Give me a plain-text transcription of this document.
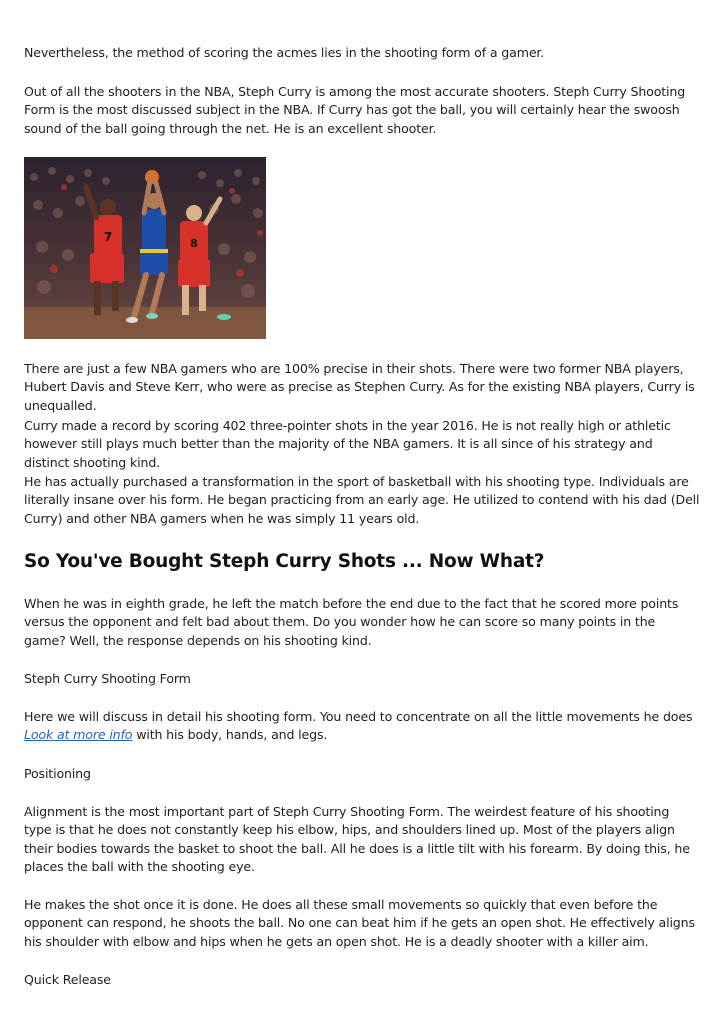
Nevertheless, the method of scoring the acmes lies in the shooting form of a gamer.

Out of all the shooters in the NBA, Steph Curry is among the most accurate shooters. Steph Curry Shooting Form is the most discussed subject in the NBA. If Curry has got the ball, you will certainly hear the swoosh sound of the ball going through the net. He is an excellent shooter.

7	8

There are just a few NBA gamers who are 100% precise in their shots. There were two former NBA players, Hubert Davis and Steve Kerr, who were as precise as Stephen Curry. As for the existing NBA players, Curry is unequalled.

Curry made a record by scoring 402 three-pointer shots in the year 2016. He is not really high or athletic however still plays much better than the majority of the NBA gamers. It is all since of his strategy and distinct shooting kind.

He has actually purchased a transformation in the sport of basketball with his shooting type. Individuals are literally insane over his form. He began practicing from an early age. He utilized to contend with his dad (Dell Curry) and other NBA gamers when he was simply 11 years old.

So You've Bought Steph Curry Shots ... Now What?

When he was in eighth grade, he left the match before the end due to the fact that he scored more points versus the opponent and felt bad about them. Do you wonder how he can score so many points in the game? Well, the response depends on his shooting kind.

Steph Curry Shooting Form

Here we will discuss in detail his shooting form. You need to concentrate on all the little movements he does Look at more info with his body, hands, and legs.

Positioning

Alignment is the most important part of Steph Curry Shooting Form. The weirdest feature of his shooting type is that he does not constantly keep his elbow, hips, and shoulders lined up. Most of the players align their bodies towards the basket to shoot the ball. All he does is a little tilt with his forearm. By doing this, he places the ball with the shooting eye.

He makes the shot once it is done. He does all these small movements so quickly that even before the opponent can respond, he shoots the ball. No one can beat him if he gets an open shot. He effectively aligns his shoulder with elbow and hips when he gets an open shot. He is a deadly shooter with a killer aim.

Quick Release
